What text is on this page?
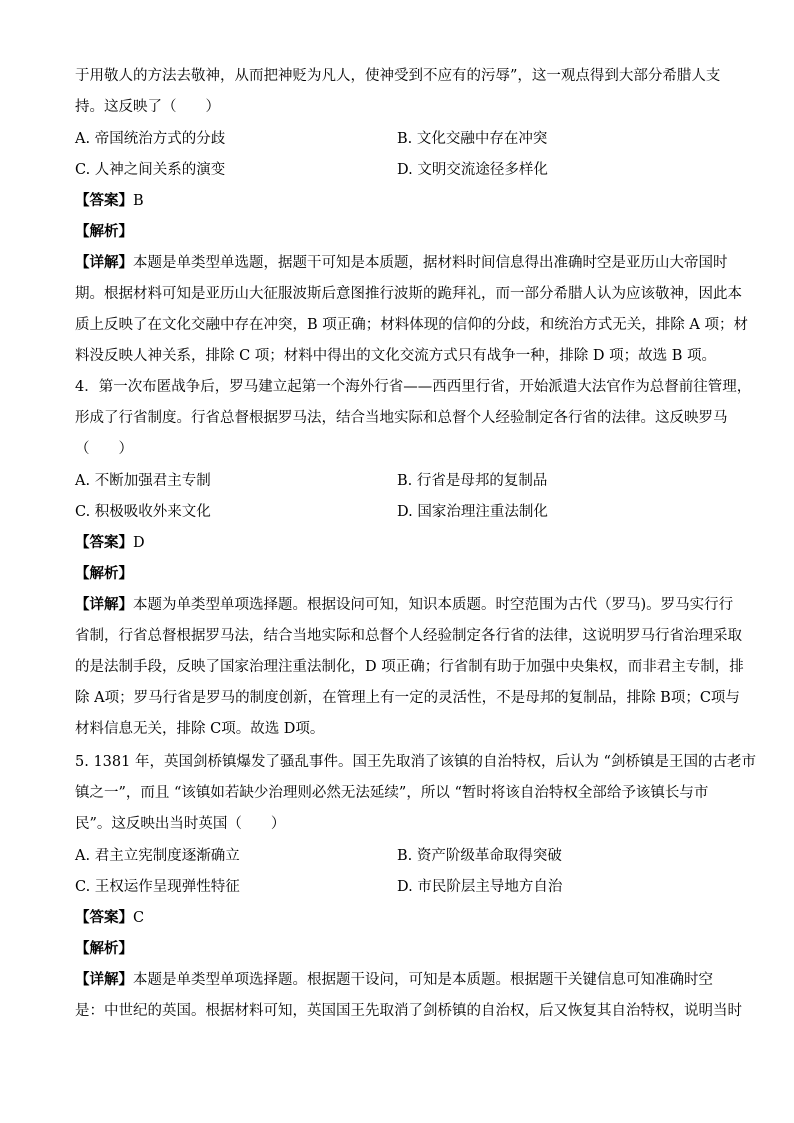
于用敬人的方法去敬神，从而把神贬为凡人，使神受到不应有的污辱”，这一观点得到大部分希腊人支
持。这反映了（　　）
A. 帝国统治方式的分歧	B. 文化交融中存在冲突
C. 人神之间关系的演变	D. 文明交流途径多样化
【答案】B
【解析】
【详解】本题是单类型单选题，据题干可知是本质题，据材料时间信息得出准确时空是亚历山大帝国时
期。根据材料可知是亚历山大征服波斯后意图推行波斯的跪拜礼，而一部分希腊人认为应该敬神，因此本
质上反映了在文化交融中存在冲突，B 项正确；材料体现的信仰的分歧，和统治方式无关，排除 A 项；材
料没反映人神关系，排除 C 项；材料中得出的文化交流方式只有战争一种，排除 D 项；故选 B 项。
4．第一次布匿战争后，罗马建立起第一个海外行省——西西里行省，开始派遣大法官作为总督前往管理，
形成了行省制度。行省总督根据罗马法，结合当地实际和总督个人经验制定各行省的法律。这反映罗马
（　　）
A. 不断加强君主专制	B. 行省是母邦的复制品
C. 积极吸收外来文化	D. 国家治理注重法制化
【答案】D
【解析】
【详解】本题为单类型单项选择题。根据设问可知，知识本质题。时空范围为古代（罗马)。罗马实行行
省制，行省总督根据罗马法，结合当地实际和总督个人经验制定各行省的法律，这说明罗马行省治理采取
的是法制手段，反映了国家治理注重法制化，D 项正确；行省制有助于加强中央集权，而非君主专制，排
除 A项；罗马行省是罗马的制度创新，在管理上有一定的灵活性，不是母邦的复制品，排除 B项；C项与
材料信息无关，排除 C项。故选 D项。
5. 1381 年，英国剑桥镇爆发了骚乱事件。国王先取消了该镇的自治特权，后认为 “剑桥镇是王国的古老市
镇之一”，而且 “该镇如若缺少治理则必然无法延续”，所以 “暂时将该自治特权全部给予该镇长与市
民”。这反映出当时英国（　　）
A. 君主立宪制度逐渐确立	B. 资产阶级革命取得突破
C. 王权运作呈现弹性特征	D. 市民阶层主导地方自治
【答案】C
【解析】
【详解】本题是单类型单项选择题。根据题干设问，可知是本质题。根据题干关键信息可知准确时空
是：中世纪的英国。根据材料可知，英国国王先取消了剑桥镇的自治权，后又恢复其自治特权，说明当时
